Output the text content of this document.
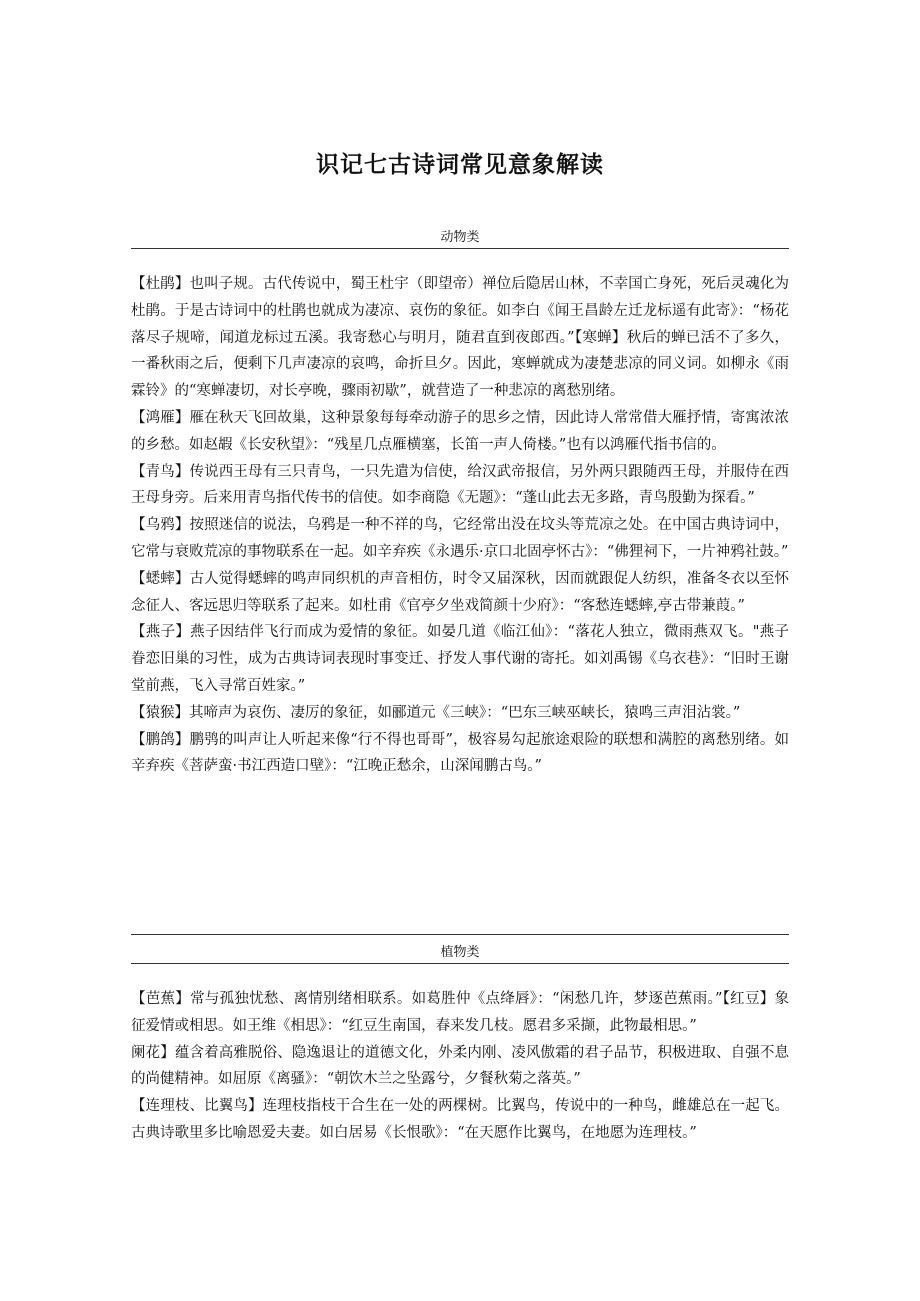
识记七古诗词常见意象解读
动物类

【杜鹃】也叫子规。古代传说中，蜀王杜宇（即望帝）禅位后隐居山林，不幸国亡身死，死后灵魂化为杜鹃。于是古诗词中的杜鹃也就成为凄凉、哀伤的象征。如李白《闻王昌龄左迁龙标遥有此寄》：“杨花落尽子规啼，闻道龙标过五溪。我寄愁心与明月，随君直到夜郎西。”【寒蝉】秋后的蝉已活不了多久，一番秋雨之后，便剩下几声凄凉的哀鸣，命折旦夕。因此，寒蝉就成为凄楚悲凉的同义词。如柳永《雨霖铃》的“寒蝉凄切，对长亭晚，骤雨初歇”，就营造了一种悲凉的离愁别绪。

【鸿雁】雁在秋天飞回故巢，这种景象每每牵动游子的思乡之情，因此诗人常常借大雁抒情，寄寓浓浓的乡愁。如赵嘏《长安秋望》：“残星几点雁横塞，长笛一声人倚楼。”也有以鸿雁代指书信的。

【青鸟】传说西王母有三只青鸟，一只先遣为信使，给汉武帝报信，另外两只跟随西王母，并服侍在西王母身旁。后来用青鸟指代传书的信使。如李商隐《无题》：“蓬山此去无多路，青鸟殷勤为探看。”

【乌鸦】按照迷信的说法，乌鸦是一种不祥的鸟，它经常出没在坟头等荒凉之处。在中国古典诗词中，它常与衰败荒凉的事物联系在一起。如辛弃疾《永遇乐·京口北固亭怀古》：“佛狸祠下，一片神鸦社鼓。”

【蟋蟀】古人觉得蟋蟀的鸣声同织机的声音相仿，时令又届深秋，因而就跟促人纺织，准备冬衣以至怀念征人、客远思归等联系了起来。如杜甫《官亭夕坐戏简颜十少府》：“客愁连蟋蟀,亭古带兼葭。”

【燕子】燕子因结伴飞行而成为爱情的象征。如晏几道《临江仙》：“落花人独立，微雨燕双飞。"燕子眷恋旧巢的习性，成为古典诗词表现时事变迁、抒发人事代谢的寄托。如刘禹锡《乌衣巷》：“旧时王谢堂前燕，飞入寻常百姓家。”

【猿猴】其啼声为哀伤、凄厉的象征，如郦道元《三峡》：“巴东三峡巫峡长，猿鸣三声泪沾裳。”

【鹏鸽】鹏鸮的叫声让人听起来像“行不得也哥哥”，极容易勾起旅途艰险的联想和满腔的离愁别绪。如辛弃疾《菩萨蛮·书江西造口壁》：“江晚正愁余，山深闻鹏古鸟。”

植物类

【芭蕉】常与孤独忧愁、离情别绪相联系。如葛胜仲《点绛唇》：“闲愁几许，梦逐芭蕉雨。”【红豆】象征爱情或相思。如王维《相思》：“红豆生南国，春来发几枝。愿君多采撷，此物最相思。”

阑花】蕴含着高雅脱俗、隐逸退让的道德文化，外柔内刚、凌风傲霜的君子品节，积极进取、自强不息的尚健精神。如屈原《离骚》：“朝饮木兰之坠露兮，夕餐秋菊之落英。”

【连理枝、比翼鸟】连理枝指枝干合生在一处的两棵树。比翼鸟，传说中的一种鸟，雌雄总在一起飞。古典诗歌里多比喻恩爱夫妻。如白居易《长恨歌》：“在天愿作比翼鸟，在地愿为连理枝。”
